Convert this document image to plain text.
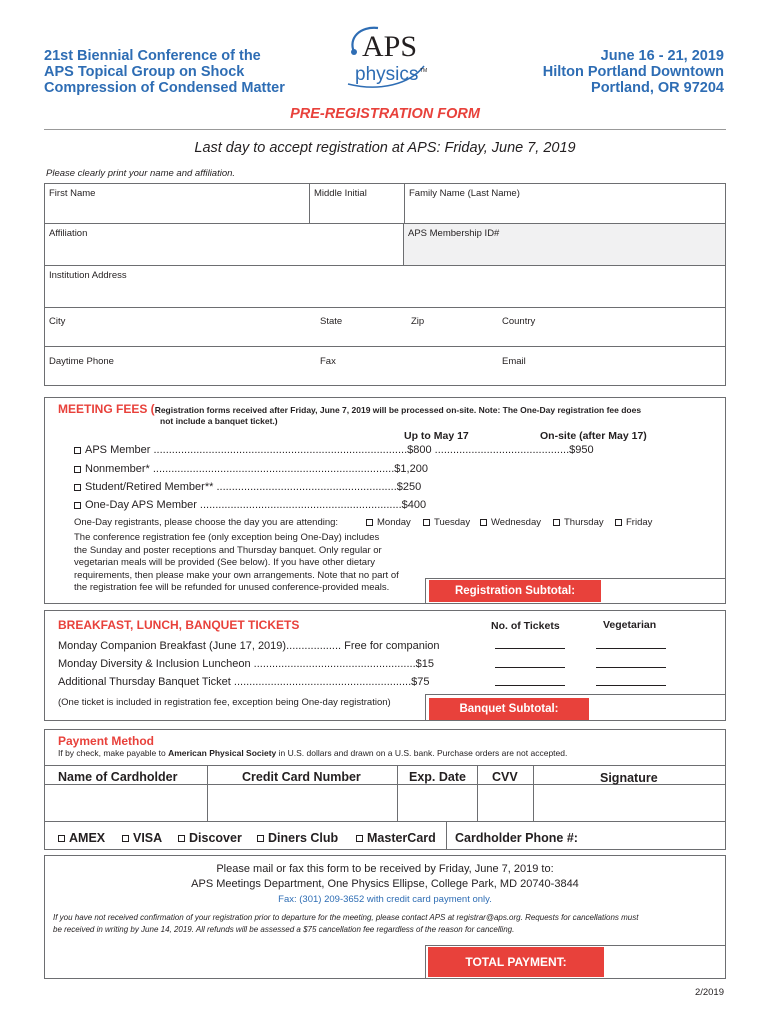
21st Biennial Conference of the
APS Topical Group on Shock
Compression of Condensed Matter
APS
physics TM
June 16 - 21, 2019
Hilton Portland Downtown
Portland, OR 97204
PRE-REGISTRATION FORM
Last day to accept registration at APS: Friday, June 7, 2019
Please clearly print your name and affiliation.
First Name	Middle Initial	Family Name (Last Name)
Affiliation	APS Membership ID#
Institution Address
City	State	Zip	Country
Daytime Phone	Fax	Email
MEETING FEES (Registration forms received after Friday, June 7, 2019 will be processed on-site. Note: The One-Day registration fee does
not include a banquet ticket.)
Up to May 17	On-site (after May 17)
APS Member ...................................................................................$800 ............................................$950
Nonmember* ...............................................................................$1,200
Student/Retired Member** ...........................................................$250
One-Day APS Member ..................................................................$400
One-Day registrants, please choose the day you are attending:	Monday	Tuesday	Wednesday	Thursday	Friday
The conference registration fee (only exception being One-Day) includes
the Sunday and poster receptions and Thursday banquet. Only regular or
vegetarian meals will be provided (See below). If you have other dietary
requirements, then please make your own arrangements. Note that no part of
the registration fee will be refunded for unused conference-provided meals.	Registration Subtotal:
BREAKFAST, LUNCH, BANQUET TICKETS	No. of Tickets	Vegetarian
Monday Companion Breakfast (June 17, 2019).................. Free for companion
Monday Diversity & Inclusion Luncheon .....................................................$15
Additional Thursday Banquet Ticket ..........................................................$75
(One ticket is included in registration fee, exception being One-day registration)
Banquet Subtotal:
Payment Method
If by check, make payable to American Physical Society in U.S. dollars and drawn on a U.S. bank. Purchase orders are not accepted.
Name of Cardholder	Credit Card Number	Exp. Date CVV	Signature
AMEX	VISA	Discover	Diners Club	MasterCard Cardholder Phone #:
Please mail or fax this form to be received by Friday, June 7, 2019 to:
APS Meetings Department, One Physics Ellipse, College Park, MD 20740-3844
Fax: (301) 209-3652 with credit card payment only.
If you have not received confirmation of your registration prior to departure for the meeting, please contact APS at registrar@aps.org. Requests for cancellations must
be received in writing by June 14, 2019. All refunds will be assessed a $75 cancellation fee regardless of the reason for cancelling.
TOTAL PAYMENT:
2/2019
